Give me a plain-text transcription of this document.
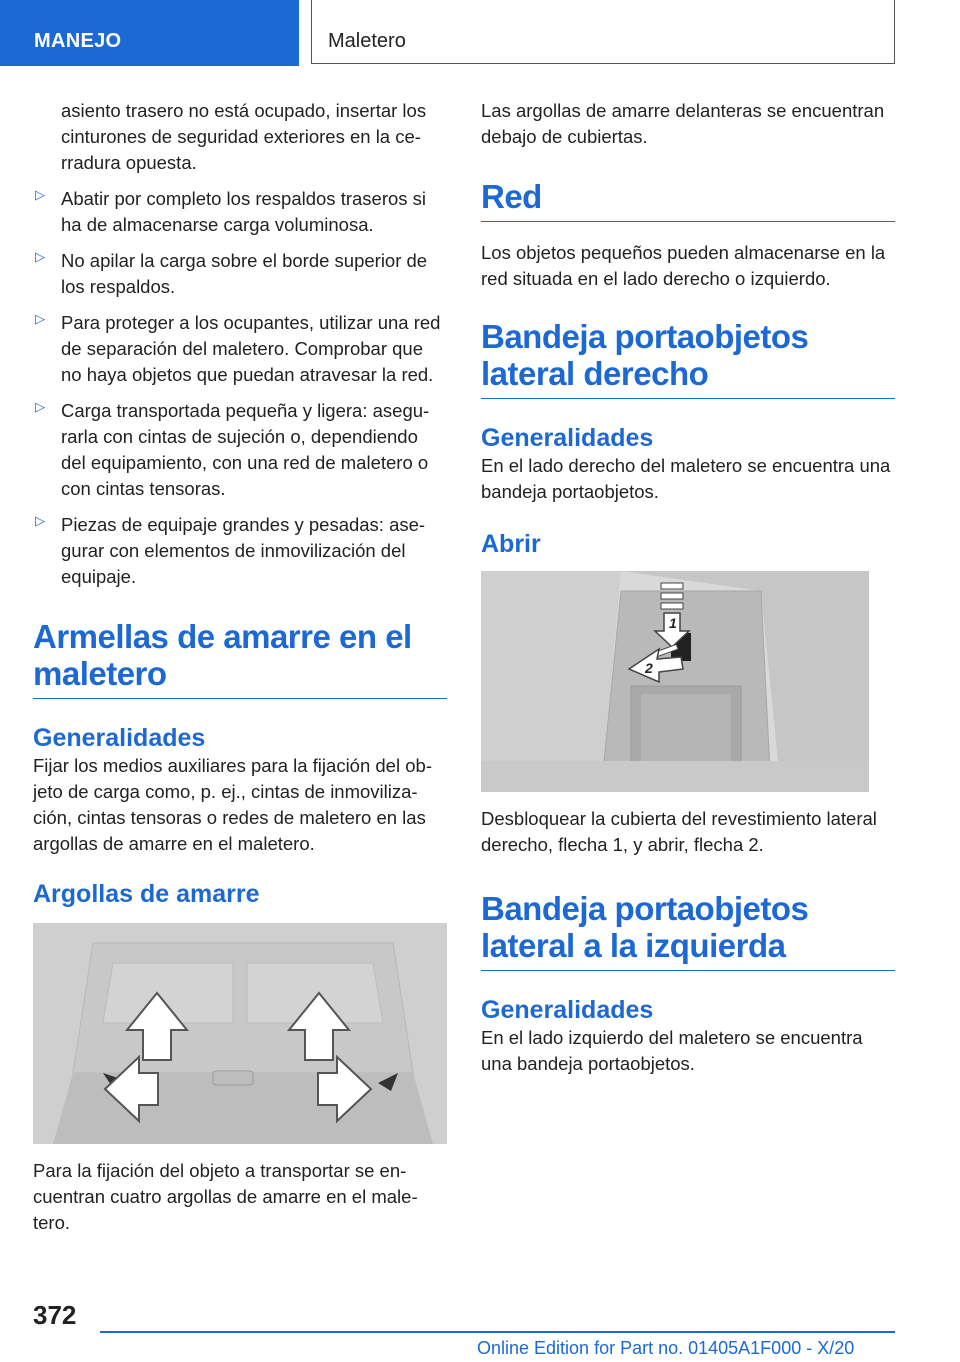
MANEJO	Maletero

asiento trasero no está ocupado, insertar los cinturones de seguridad exteriores en la cerradura opuesta.

▷ Abatir por completo los respaldos traseros si ha de almacenarse carga voluminosa.

▷ No apilar la carga sobre el borde superior de los respaldos.

▷ Para proteger a los ocupantes, utilizar una red de separación del maletero. Comprobar que no haya objetos que puedan atravesar la red.

▷ Carga transportada pequeña y ligera: asegurarla con cintas de sujeción o, dependiendo del equipamiento, con una red de maletero o con cintas tensoras.

▷ Piezas de equipaje grandes y pesadas: asegurar con elementos de inmovilización del equipaje.

Armellas de amarre en el maletero
Generalidades

Fijar los medios auxiliares para la fijación del objeto de carga como, p. ej., cintas de inmovilización, cintas tensoras o redes de maletero en las argollas de amarre en el maletero.

Argollas de amarre

Para la fijación del objeto a transportar se encuentran cuatro argollas de amarre en el maletero.

Las argollas de amarre delanteras se encuentran debajo de cubiertas.

Red

Los objetos pequeños pueden almacenarse en la red situada en el lado derecho o izquierdo.

Bandeja portaobjetos lateral derecho
Generalidades

En el lado derecho del maletero se encuentra una bandeja portaobjetos.

Abrir
1
2

Desbloquear la cubierta del revestimiento lateral derecho, flecha 1, y abrir, flecha 2.

Bandeja portaobjetos lateral a la izquierda
Generalidades

En el lado izquierdo del maletero se encuentra una bandeja portaobjetos.

372
Online Edition for Part no. 01405A1F000 - X/20
